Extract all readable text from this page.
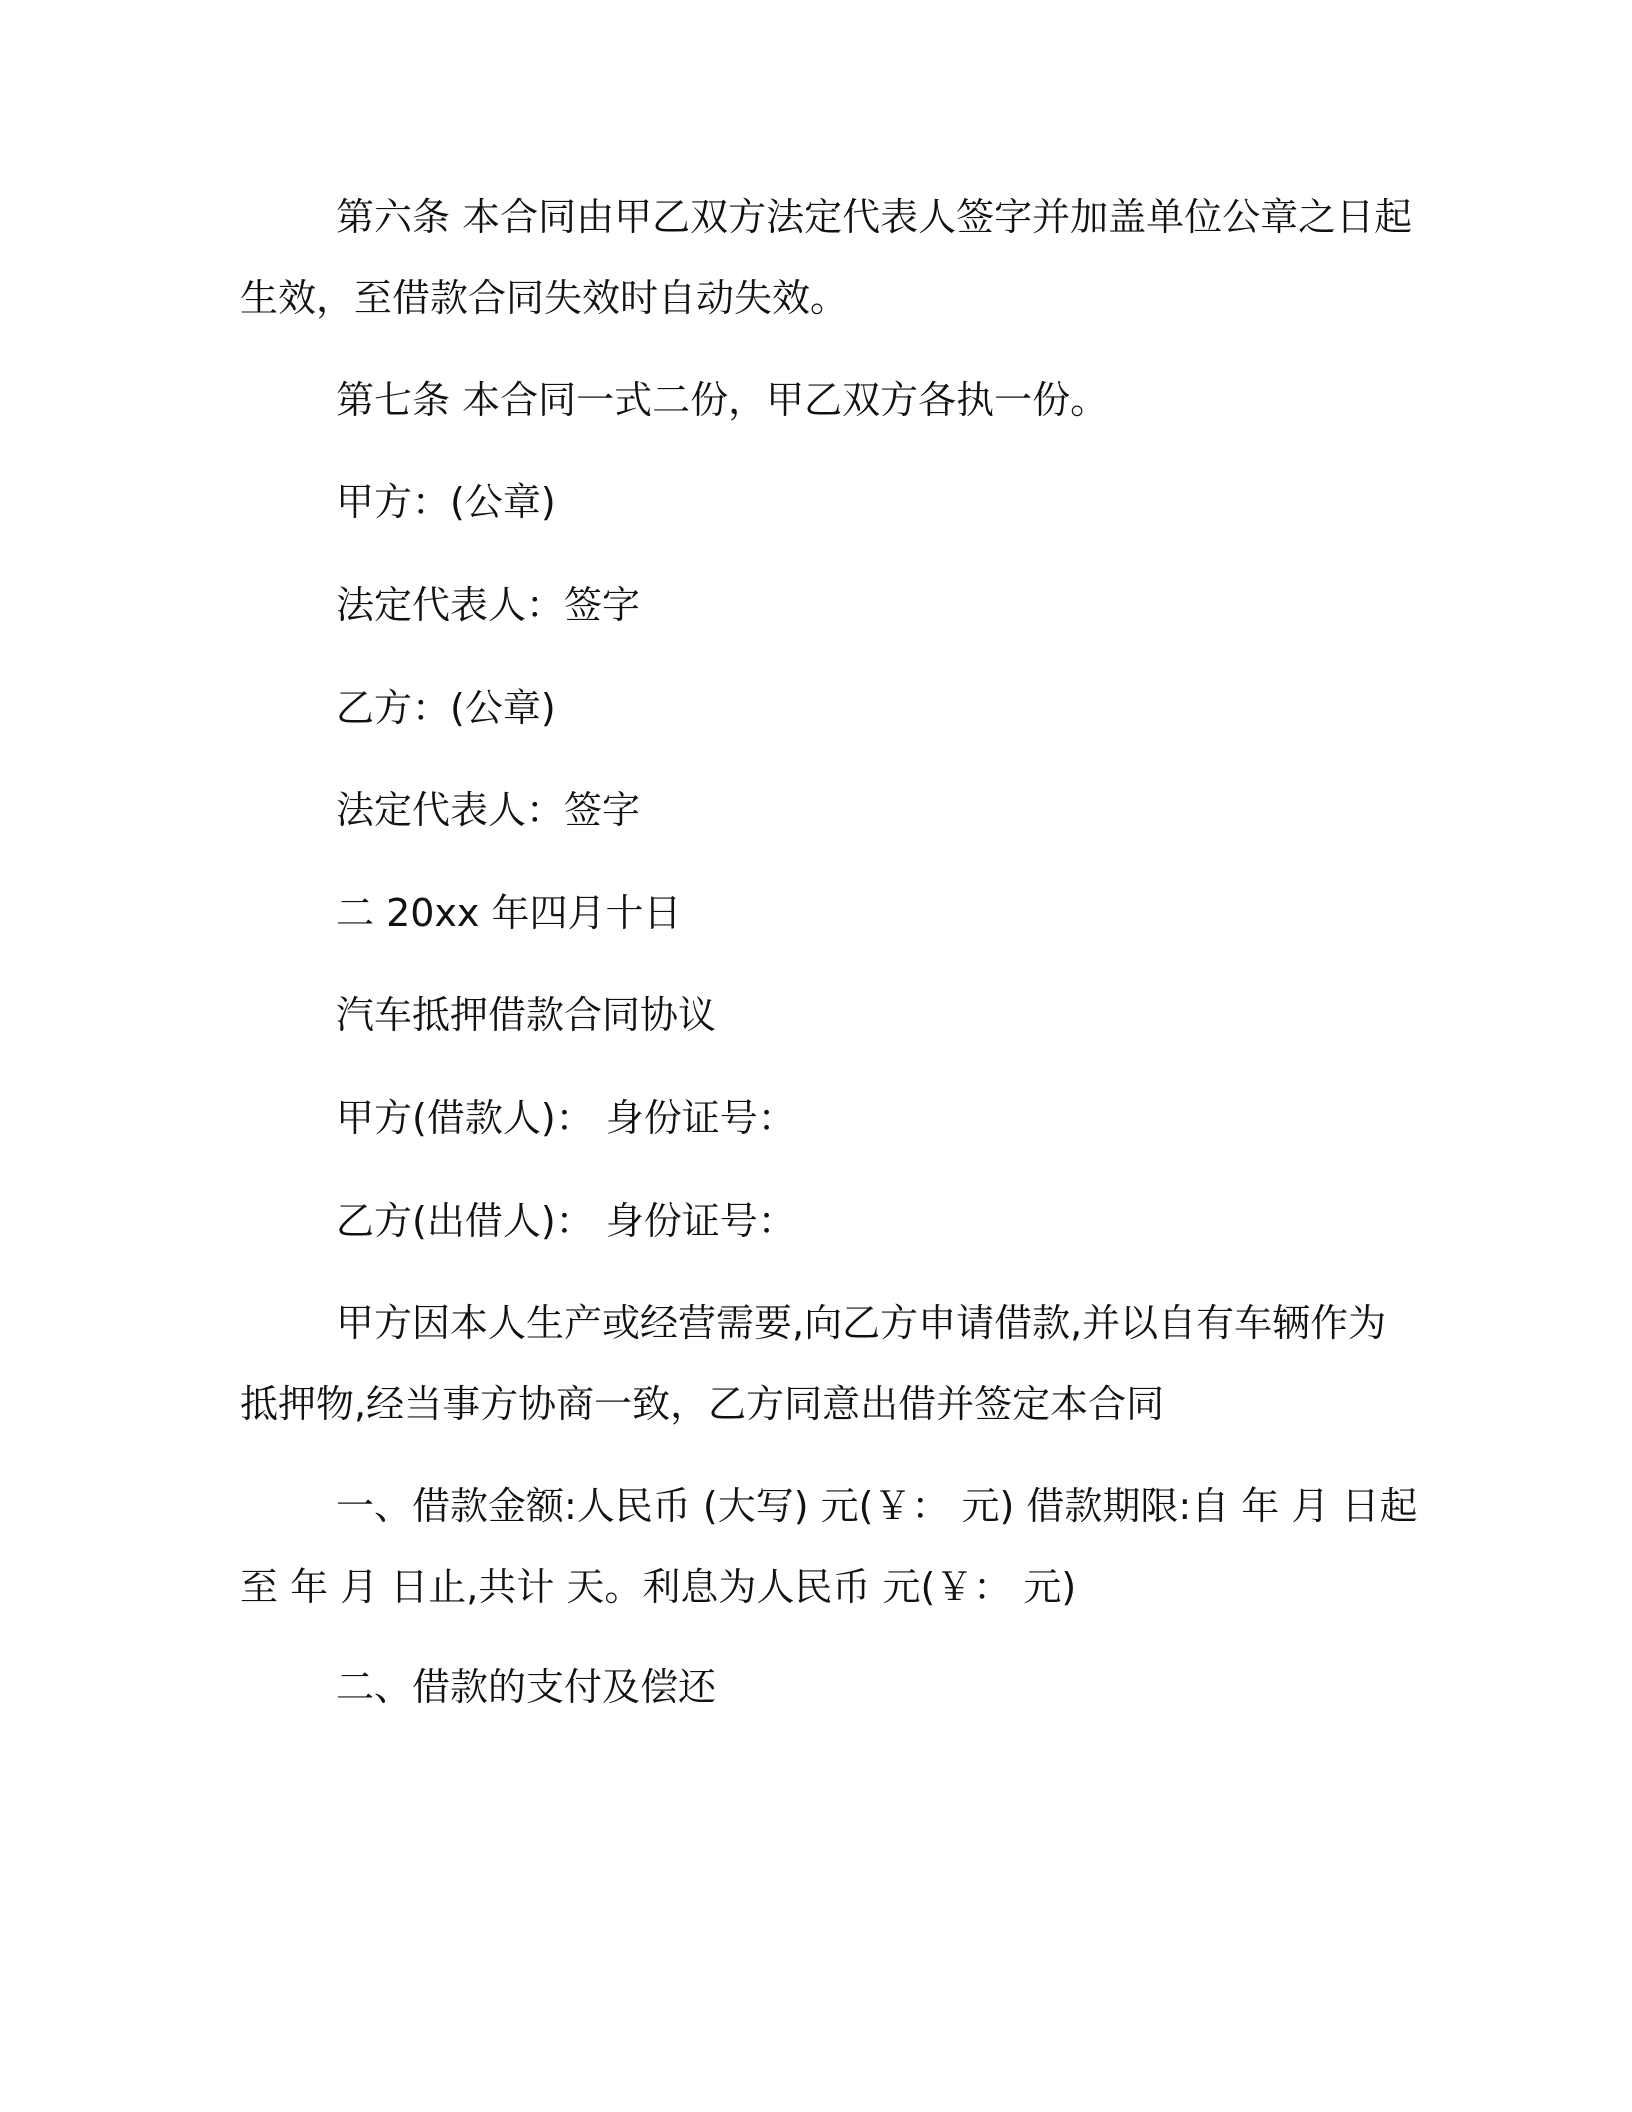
第六条 本合同由甲乙双方法定代表人签字并加盖单位公章之日起
生效，至借款合同失效时自动失效。
第七条 本合同一式二份，甲乙双方各执一份。
甲方：(公章)
法定代表人：签字
乙方：(公章)
法定代表人：签字
二 20xx 年四月十日
汽车抵押借款合同协议
甲方(借款人)： 身份证号：
乙方(出借人)： 身份证号：
甲方因本人生产或经营需要,向乙方申请借款,并以自有车辆作为
抵押物,经当事方协商一致，乙方同意出借并签定本合同
一、借款金额:人民币 (大写) 元(￥： 元) 借款期限:自 年 月 日起
至 年 月 日止,共计 天。利息为人民币 元(￥： 元)
二、借款的支付及偿还
